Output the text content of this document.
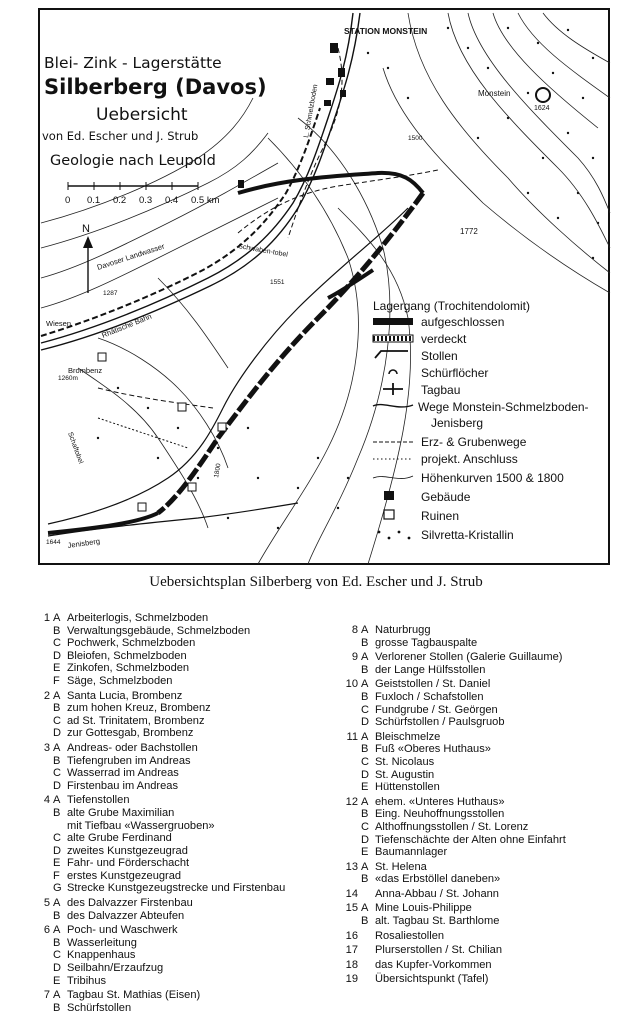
Blei- Zink - Lagerstätte
Silberberg (Davos)
Uebersicht
von Ed. Escher und J. Strub
Geologie nach Leupold
0 0.1 0.2 0.3 0.4 0.5 km
N
STATION MONSTEIN
Monstein
1624
1772
1287
1551
1644
1260m
Davoser Landwasser
Rhätische Bahn
Wiesen
L. Schmelzboden
Schwaben-tobel
Brombenz
Schaftobel
Jenisberg
1500
1800
Lagergang (Trochitendolomit)
aufgeschlossen
verdeckt
Stollen
Schürflöcher
Tagbau
Wege Monstein-Schmelzboden-
Jenisberg
Erz- & Grubenwege
projekt. Anschluss
Höhenkurven 1500 & 1800
Gebäude
Ruinen
Silvretta-Kristallin
Uebersichtsplan Silberberg von Ed. Escher und J. Strub
1 A Arbeiterlogis, Schmelzboden
B Verwaltungsgebäude, Schmelzboden
C Pochwerk, Schmelzboden
D Bleiofen, Schmelzboden
E Zinkofen, Schmelzboden
F Säge, Schmelzboden
2 A Santa Lucia, Brombenz
B zum hohen Kreuz, Brombenz
C ad St. Trinitatem, Brombenz
D zur Gottesgab, Brombenz
3 A Andreas- oder Bachstollen
B Tiefengruben im Andreas
C Wasserrad im Andreas
D Firstenbau im Andreas
4 A Tiefenstollen
B alte Grube Maximilian
mit Tiefbau «Wassergruoben»
C alte Grube Ferdinand
D zweites Kunstgezeugrad
E Fahr- und Förderschacht
F erstes Kunstgezeugrad
G Strecke Kunstgezeugstrecke und Firstenbau
5 A des Dalvazzer Firstenbau
B des Dalvazzer Abteufen
6 A Poch- und Waschwerk
B Wasserleitung
C Knappenhaus
D Seilbahn/Erzaufzug
E Tribihus
7 A Tagbau St. Mathias (Eisen)
B Schürfstollen
8 A Naturbrugg
B grosse Tagbauspalte
9 A Verlorener Stollen (Galerie Guillaume)
B der Lange Hülfsstollen
10 A Geiststollen / St. Daniel
B Fuxloch / Schafstollen
C Fundgrube / St. Geörgen
D Schürfstollen / Paulsgruob
11 A Bleischmelze
B Fuß «Oberes Huthaus»
C St. Nicolaus
D St. Augustin
E Hüttenstollen
12 A ehem. «Unteres Huthaus»
B Eing. Neuhoffnungsstollen
C Althoffnungsstollen / St. Lorenz
D Tiefenschächte der Alten ohne Einfahrt
E Baumannlager
13 A St. Helena
B «das Erbstöllel daneben»
14 Anna-Abbau / St. Johann
15 A Mine Louis-Philippe
B alt. Tagbau St. Barthlome
16 Rosaliestollen
17 Plurserstollen / St. Chilian
18 das Kupfer-Vorkommen
19 Übersichtspunkt (Tafel)
